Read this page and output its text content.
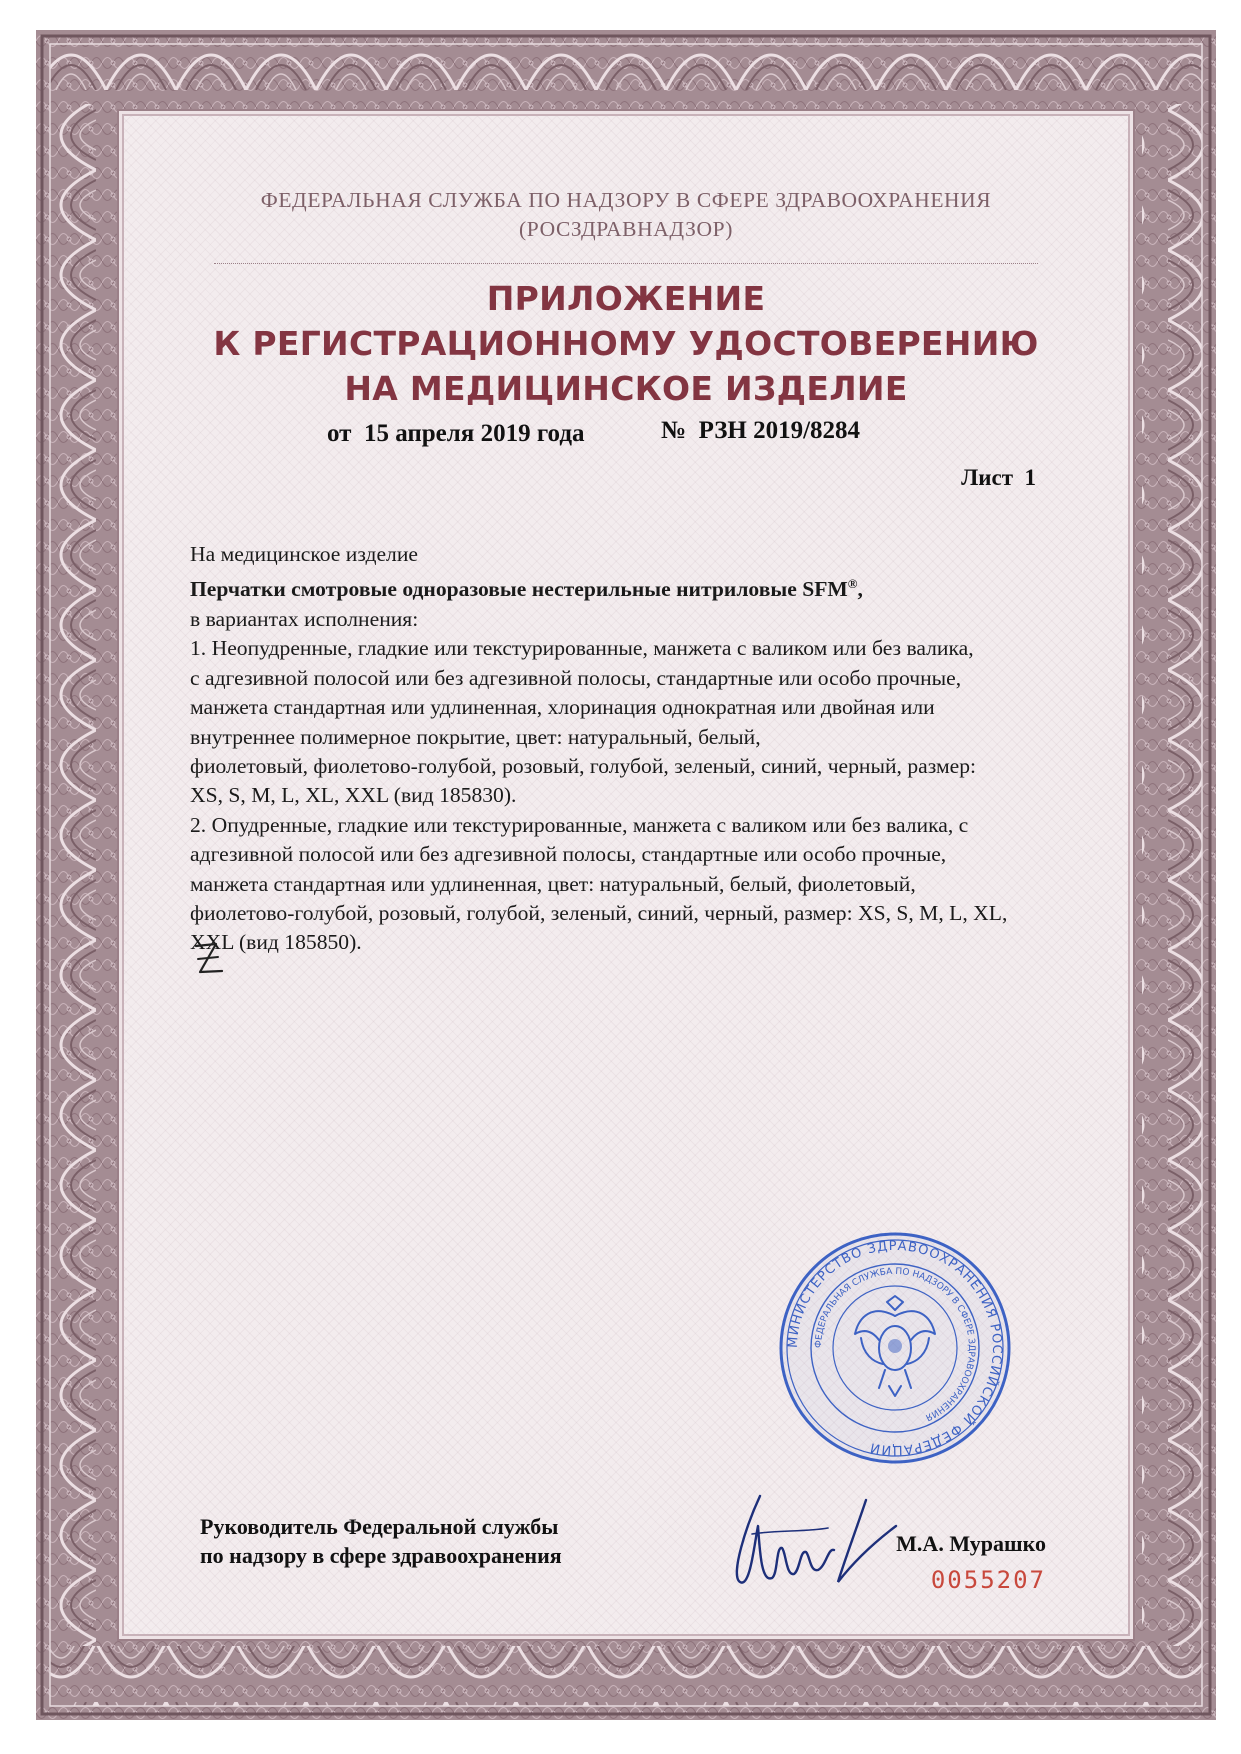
ФЕДЕРАЛЬНАЯ СЛУЖБА ПО НАДЗОРУ В СФЕРЕ ЗДРАВООХРАНЕНИЯ
(РОСЗДРАВНАДЗОР)
ПРИЛОЖЕНИЕ
К РЕГИСТРАЦИОННОМУ УДОСТОВЕРЕНИЮ
НА МЕДИЦИНСКОЕ ИЗДЕЛИЕ
от  15 апреля 2019 года	№  РЗН 2019/8284
Лист  1

На медицинское изделие

Перчатки смотровые одноразовые нестерильные нитриловые SFM®,

в вариантах исполнения:

1. Неопудренные, гладкие или текстурированные, манжета с валиком или без валика,

с адгезивной полосой или без адгезивной полосы, стандартные или особо прочные,

манжета стандартная или удлиненная, хлоринация однократная или двойная или

внутреннее полимерное покрытие, цвет: натуральный, белый,

фиолетовый, фиолетово-голубой, розовый, голубой, зеленый, синий, черный, размер:

XS, S, M, L, XL, XXL (вид 185830).

2. Опудренные, гладкие или текстурированные, манжета с валиком или без валика, с

адгезивной полосой или без адгезивной полосы, стандартные или особо прочные,

манжета стандартная или удлиненная, цвет: натуральный, белый, фиолетовый,

фиолетово-голубой, розовый, голубой, зеленый, синий, черный, размер: XS, S, M, L, XL,

XXL (вид 185850).

МИНИСТЕРСТВО ЗДРАВООХРАНЕНИЯ РОССИЙСКОЙ ФЕДЕРАЦИИ
ФЕДЕРАЛЬНАЯ СЛУЖБА ПО НАДЗОРУ В СФЕРЕ ЗДРАВООХРАНЕНИЯ
Руководитель Федеральной службы
по надзору в сфере здравоохранения	М.А. Мурашко
0055207
